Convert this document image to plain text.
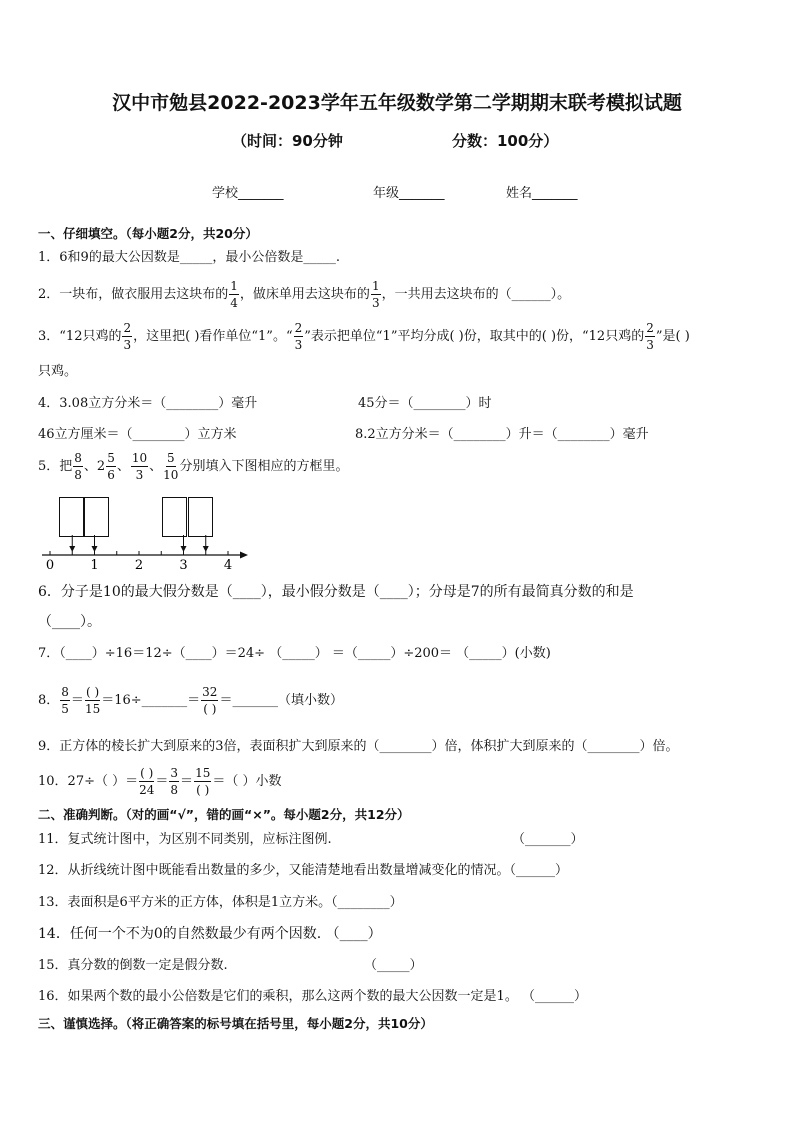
汉中市勉县2022-2023学年五年级数学第二学期期末联考模拟试题
（时间：90分钟	分数：100分）
学校_______	年级_______	姓名_______
一、仔细填空。（每小题2分，共20分）
1．6和9的最大公因数是_____，最小公倍数是_____.
2．一块布，做衣服用去这块布的 $\frac{1}{4}$ ，做床单用去这块布的 $\frac{1}{3}$ ，一共用去这块布的（______）。
3．“12只鸡的 $\frac{2}{3}$ ，这里把( )看作单位“1”。“ $\frac{2}{3}$ ”表示把单位“1”平均分成( )份，取其中的( )份，“12只鸡的 $\frac{2}{3}$ ”是( )
只鸡。
4．3.08立方分米＝（________）毫升	45分＝（________）时
46立方厘米＝（________）立方米	8.2立方分米＝（________）升＝（________）毫升
5．把 $\frac{8}{8}$ 、$2 \frac{5}{6}$ 、 $\frac{10}{3}$ 、 $\frac{5}{10}$ 分别填入下图相应的方框里。
0	1	2	3	4
6．分子是10的最大假分数是（____），最小假分数是（____）；分母是7的所有最简真分数的和是
（____）。
7．（____）÷16＝12÷（____）＝24÷ （_____） ＝（_____）÷200＝ （_____）(小数)
8． $\frac{8}{5} = \frac{( )}{15}$ ＝16÷_______＝ $\frac{32}{( )}$ ＝_______（填小数）
9．正方体的棱长扩大到原来的3倍，表面积扩大到原来的（________）倍，体积扩大到原来的（________）倍。
10．27÷（ ）＝ $\frac{( )}{24} = \frac{3}{8} = \frac{15}{( )}$ ＝（ ）小数
二、准确判断。（对的画“√”，错的画“×”。每小题2分，共12分）
11．复式统计图中，为区别不同类别，应标注图例.	（_______）
12．从折线统计图中既能看出数量的多少，又能清楚地看出数量增减变化的情况。（______）
13．表面积是6平方米的正方体，体积是1立方米。（________）
14．任何一个不为0的自然数最少有两个因数. （____）
15．真分数的倒数一定是假分数.	（_____）
16．如果两个数的最小公倍数是它们的乘积，那么这两个数的最大公因数一定是1。 （______）
三、谨慎选择。（将正确答案的标号填在括号里，每小题2分，共10分）
